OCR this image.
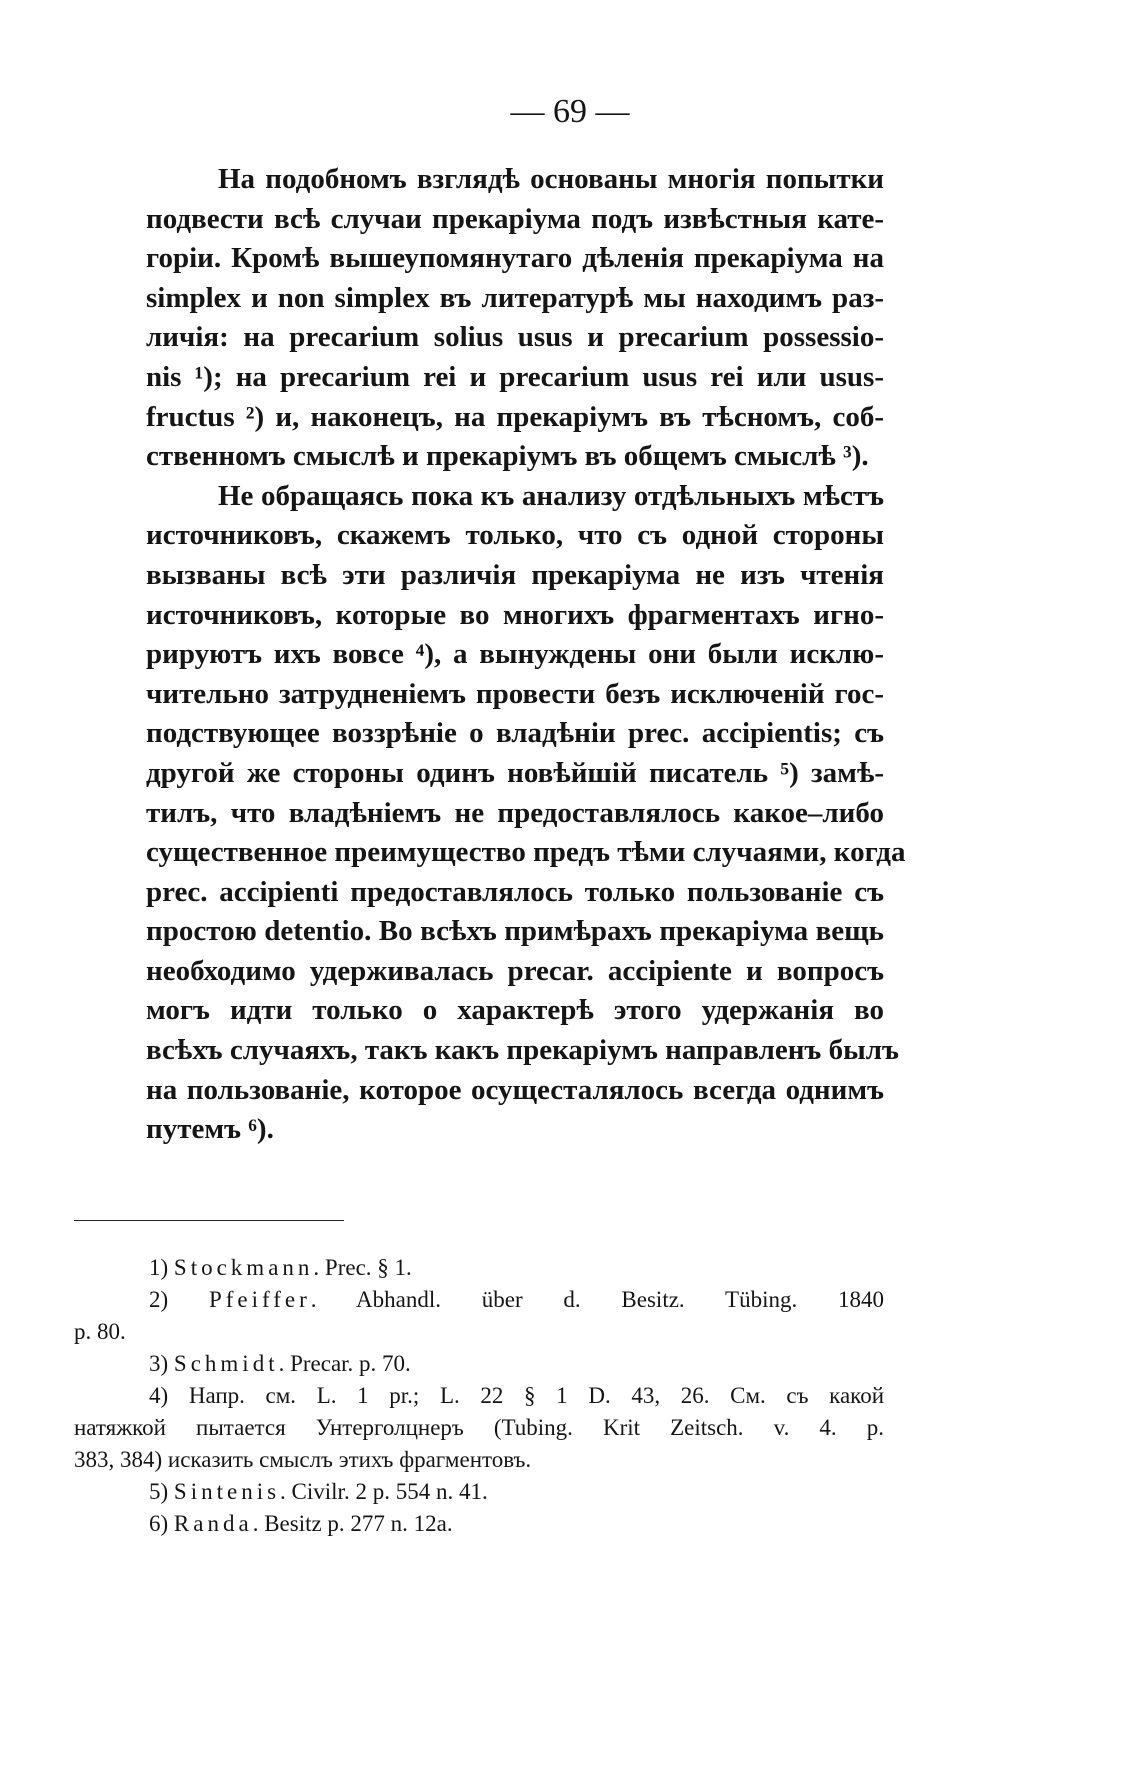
— 69 —

На подобномъ взглядѣ основаны многія попытки
подвести всѣ случаи прекаріума подъ извѣстныя кате-
горіи. Кромѣ вышеупомянутаго дѣленія прекаріума на
simplex и non simplex въ литературѣ мы находимъ раз-
личія: на precarium solius usus и precarium possessio-
nis ¹); на precarium rei и precarium usus rei или usus-
fructus ²) и, наконецъ, на прекаріумъ въ тѣсномъ, соб-
ственномъ смыслѣ и прекаріумъ въ общемъ смыслѣ ³).

Не обращаясь пока къ анализу отдѣльныхъ мѣстъ
источниковъ, скажемъ только, что съ одной стороны
вызваны всѣ эти различія прекаріума не изъ чтенія
источниковъ, которые во многихъ фрагментахъ игно-
рируютъ ихъ вовсе ⁴), а вынуждены они были исклю-
чительно затрудненіемъ провести безъ исключеній гос-
подствующее воззрѣніе о владѣніи prec. accipientis; съ
другой же стороны одинъ новѣйшій писатель ⁵) замѣ-
тилъ, что владѣніемъ не предоставлялось какое–либо
существенное преимущество предъ тѣми случаями, когда
prec. accipienti предоставлялось только пользованіе съ
простою detentio. Во всѣхъ примѣрахъ прекаріума вещь
необходимо удерживалась precar. accipiente и вопросъ
могъ идти только о характерѣ этого удержанія во
всѣхъ случаяхъ, такъ какъ прекаріумъ направленъ былъ
на пользованіе, которое осущесталялось всегда однимъ
путемъ ⁶).

1) Stockmann. Prec. § 1.
2) Pfeiffer. Abhandl. über d. Besitz. Tübing. 1840
p. 80.
3) Schmidt. Precar. p. 70.
4) Напр. см. L. 1 pr.; L. 22 § 1 D. 43, 26. См. съ какой
натяжкой пытается Унтерголцнеръ (Tubing. Krit Zeitsch. v. 4. p.
383, 384) исказить смыслъ этихъ фрагментовъ.
5) Sintenis. Civilr. 2 p. 554 n. 41.
6) Randa. Besitz p. 277 n. 12a.
